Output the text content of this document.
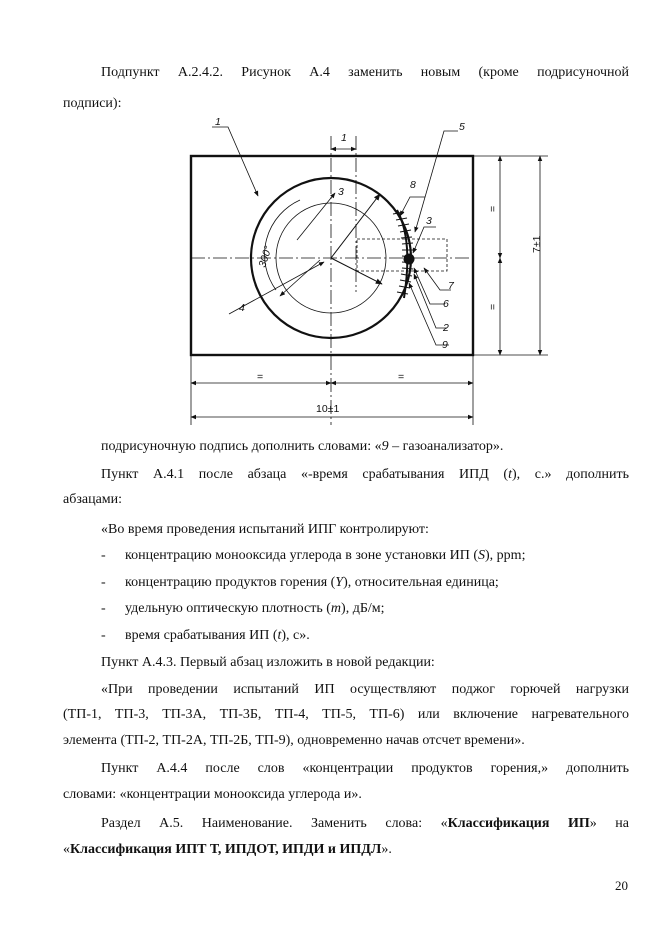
Подпункт А.2.4.2. Рисунок А.4 заменить новым (кроме подрисуночной
подписи):
1
1
2
3
3
4
5
6
7
8
9
300°
=	=
=
=
10±1
7±1
подрисуночную подпись дополнить словами: «9 – газоанализатор».
Пункт А.4.1 после абзаца «-время срабатывания ИПД (t), с.» дополнить
абзацами:
«Во время проведения испытаний ИПГ контролируют:
- концентрацию монооксида углерода в зоне установки ИП (S), ppm;
- концентрацию продуктов горения (Y), относительная единица;
- удельную оптическую плотность (m), дБ/м;
- время срабатывания ИП (t), с».
Пункт А.4.3. Первый абзац изложить в новой редакции:
«При проведении испытаний ИП осуществляют поджог горючей нагрузки
(ТП-1, ТП-3, ТП-3А, ТП-3Б, ТП-4, ТП-5, ТП-6) или включение нагревательного
элемента (ТП-2, ТП-2А, ТП-2Б, ТП-9), одновременно начав отсчет времени».
Пункт А.4.4 после слов «концентрации продуктов горения,» дополнить
словами: «концентрации монооксида углерода и».
Раздел А.5. Наименование. Заменить слова: «Классификация ИП» на
«Классификация ИПТ Т, ИПДОТ, ИПДИ и ИПДЛ».
20
